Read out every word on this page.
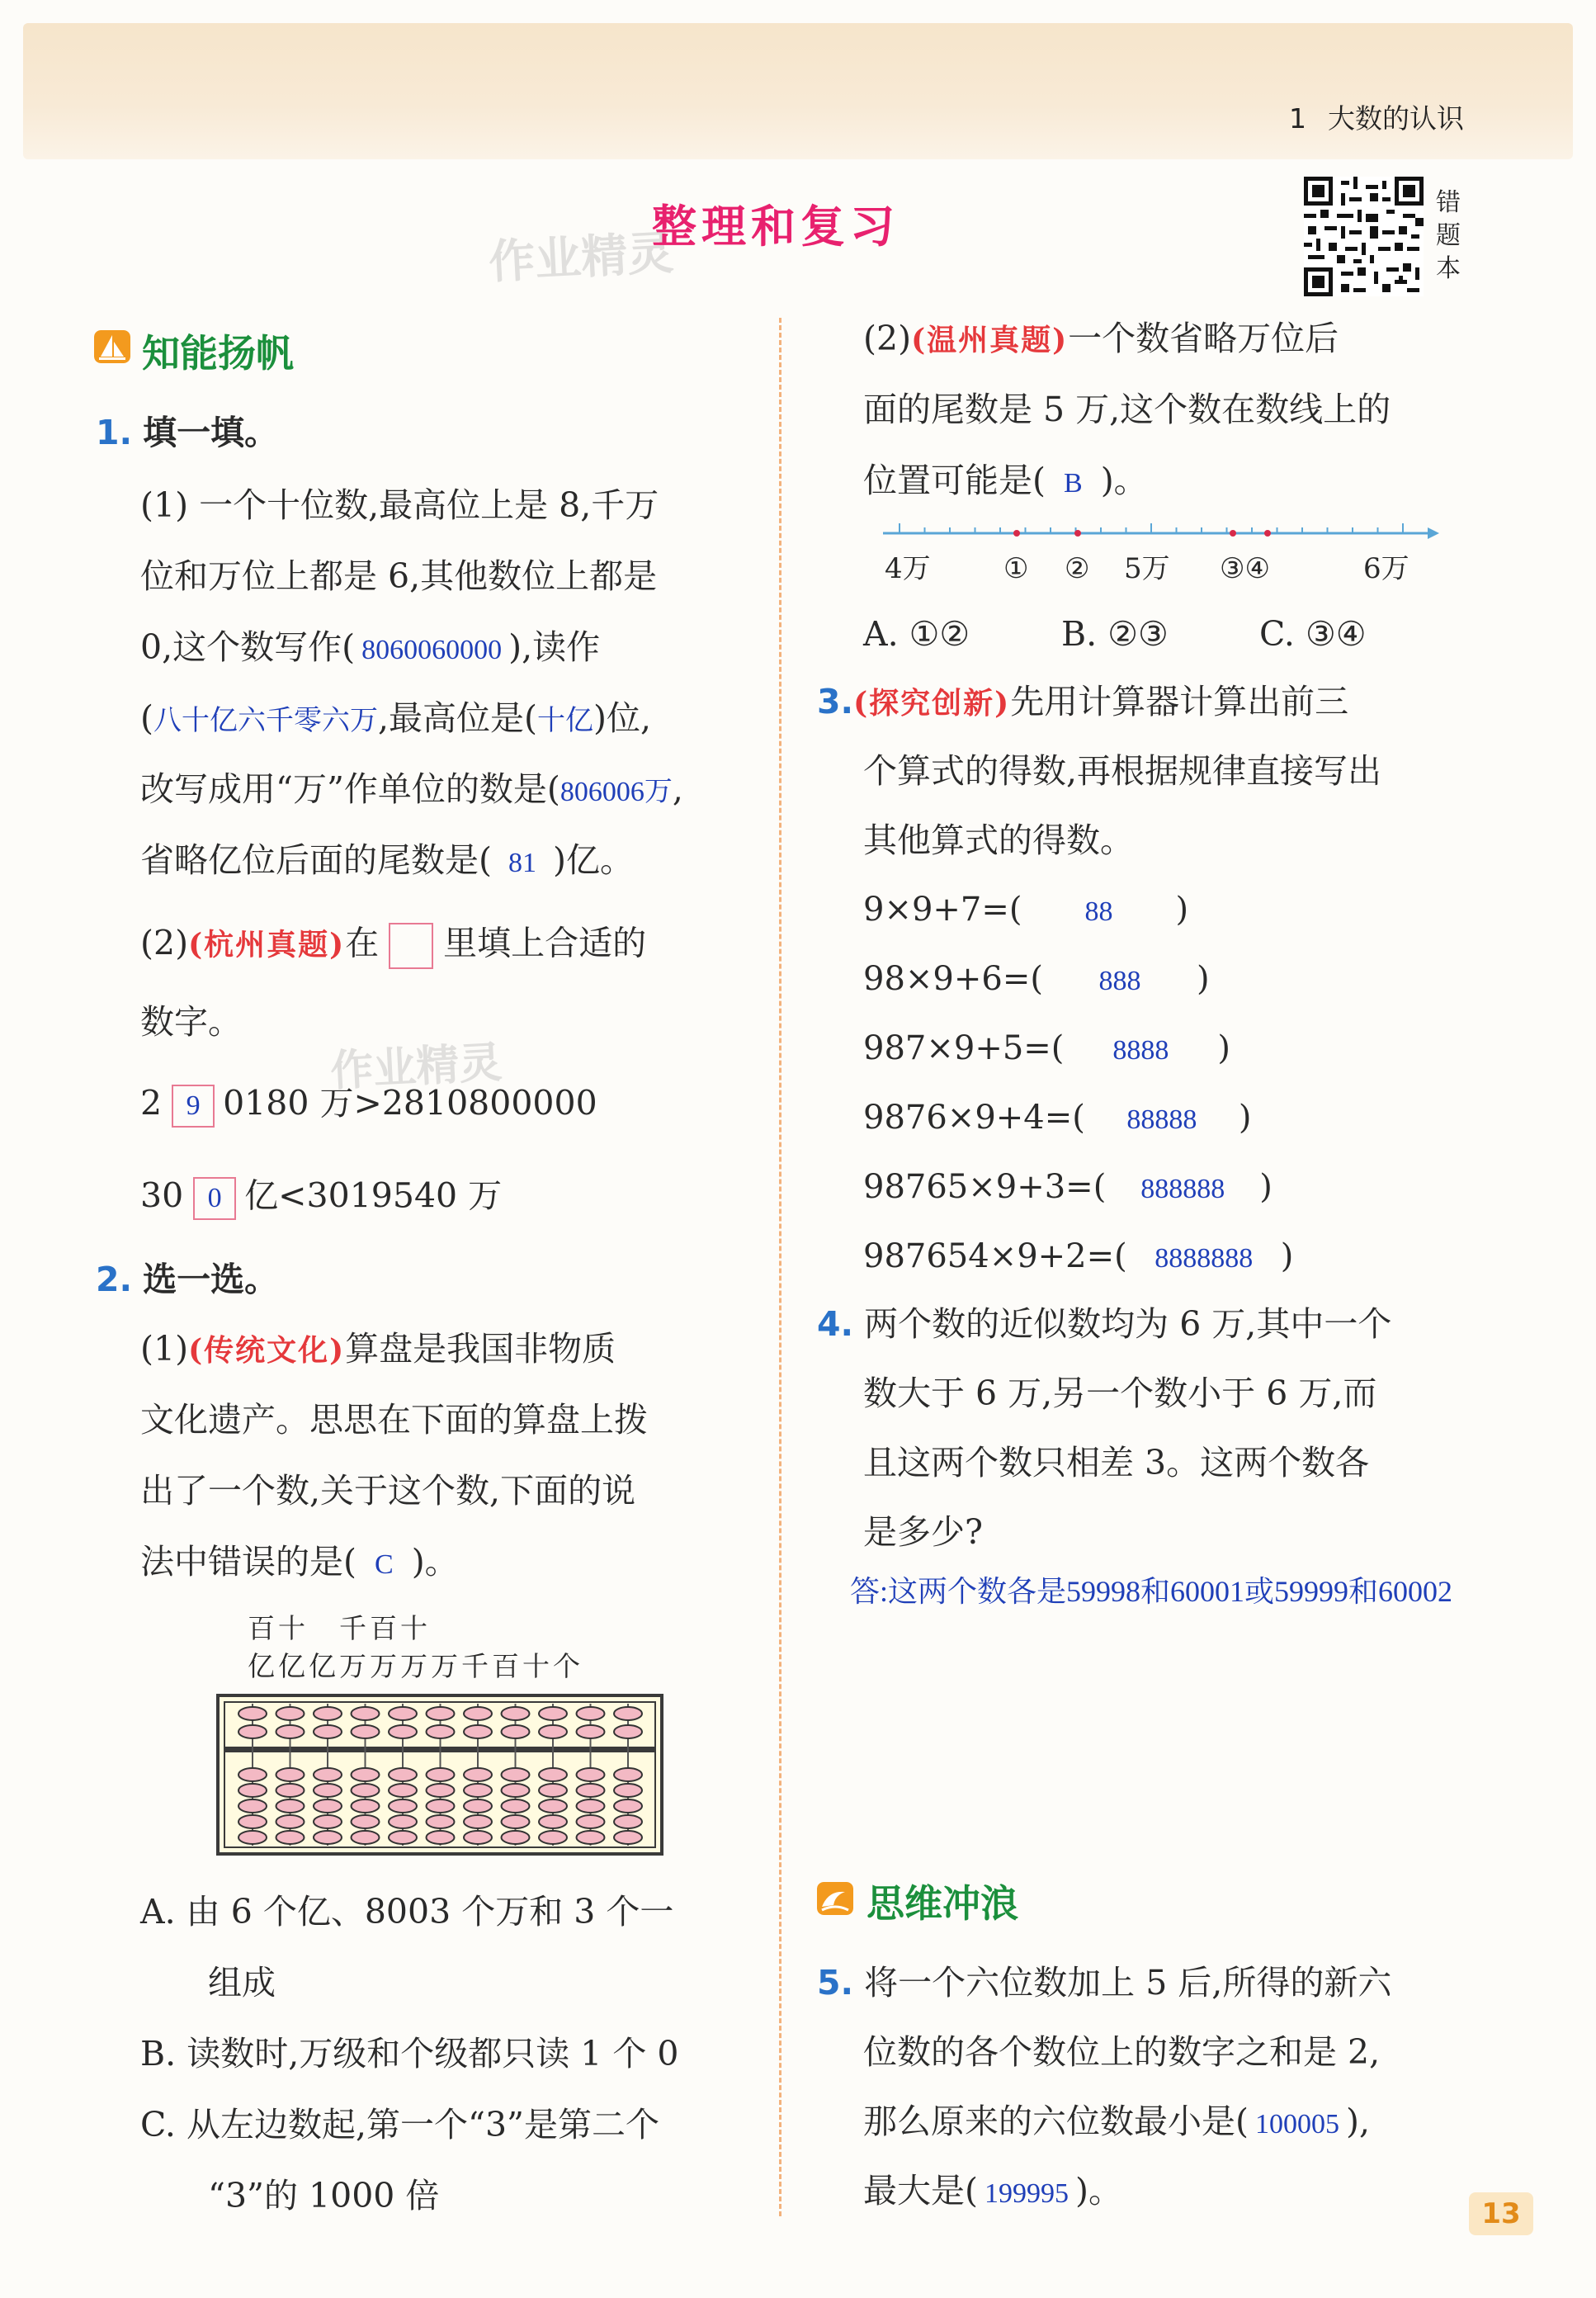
1 大数的认识
作业精灵
作业精灵
整理和复习	错
题
本
知能扬帆
1. 填一填。
(1) 一个十位数,最高位上是 8,千万
位和万位上都是 6,其他数位上都是
0,这个数写作( 8060060000 ),读作
(八十亿六千零六万,最高位是(十亿)位,
改写成用“万”作单位的数是(806006万,
省略亿位后面的尾数是( 81 )亿。
(2)(杭州真题)在 里填上合适的
数字。
2 9 0180 万>2810800000
30 0 亿<3019540 万
2. 选一选。
(1)(传统文化)算盘是我国非物质
文化遗产。思思在下面的算盘上拨
出了一个数,关于这个数,下面的说
法中错误的是( C )。
百十　千百十
亿亿亿万万万万千百十个
A. 由 6 个亿、8003 个万和 3 个一
组成
B. 读数时,万级和个级都只读 1 个 0
C. 从左边数起,第一个“3”是第二个
“3”的 1000 倍
(2)(温州真题)一个数省略万位后
面的尾数是 5 万,这个数在数线上的
位置可能是( B )。
4万	① ② 5万 ③④	6万
A. ①②	B. ②③	C. ③④
3.(探究创新)先用计算器计算出前三
个算式的得数,再根据规律直接写出
其他算式的得数。
9×9+7=( 88 )
98×9+6=( 888 )
987×9+5=( 8888 )
9876×9+4=( 88888 )
98765×9+3=( 888888 )
987654×9+2=( 8888888 )
4. 两个数的近似数均为 6 万,其中一个
数大于 6 万,另一个数小于 6 万,而
且这两个数只相差 3。这两个数各
是多少?
答:这两个数各是59998和60001或59999和60002
思维冲浪
5. 将一个六位数加上 5 后,所得的新六
位数的各个数位上的数字之和是 2,
那么原来的六位数最小是( 100005 ),
最大是( 199995 )。
13
